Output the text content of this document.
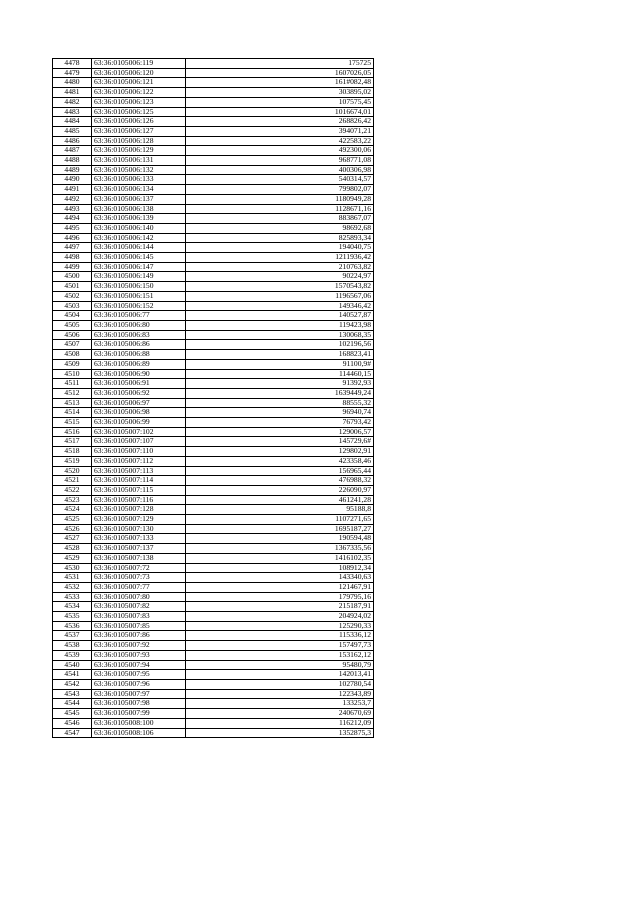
4478	63:36:0105006:119	175725
4479	63:36:0105006:120	1607026,05
4480	63:36:0105006:121	161#082,48
4481	63:36:0105006:122	303895,02
4482	63:36:0105006:123	107575,45
4483	63:36:0105006:125	1016674,01
4484	63:36:0105006:126	268826,42
4485	63:36:0105006:127	394071,21
4486	63:36:0105006:128	422583,22
4487	63:36:0105006:129	492300,06
4488	63:36:0105006:131	968771,08
4489	63:36:0105006:132	400306,98
4490	63:36:0105006:133	540314,57
4491	63:36:0105006:134	799802,07
4492	63:36:0105006:137	1180949,28
4493	63:36:0105006:138	1128671,16
4494	63:36:0105006:139	883867,07
4495	63:36:0105006:140	98692,68
4496	63:36:0105006:142	825893,34
4497	63:36:0105006:144	194040,75
4498	63:36:0105006:145	1211936,42
4499	63:36:0105006:147	210763,82
4500	63:36:0105006:149	90224,97
4501	63:36:0105006:150	1570543,82
4502	63:36:0105006:151	1196567,06
4503	63:36:0105006:152	149346,42
4504	63:36:0105006:77	140527,87
4505	63:36:0105006:80	119423,98
4506	63:36:0105006:83	130068,35
4507	63:36:0105006:86	102196,56
4508	63:36:0105006:88	168823,41
4509	63:36:0105006:89	91100,9#
4510	63:36:0105006:90	114460,15
4511	63:36:0105006:91	91392,93
4512	63:36:0105006:92	1639449,24
4513	63:36:0105006:97	88555,32
4514	63:36:0105006:98	96940,74
4515	63:36:0105006:99	76793,42
4516	63:36:0105007:102	129006,57
4517	63:36:0105007:107	145729,6#
4518	63:36:0105007:110	129802,91
4519	63:36:0105007:112	423358,46
4520	63:36:0105007:113	156965,44
4521	63:36:0105007:114	476988,32
4522	63:36:0105007:115	226090,97
4523	63:36:0105007:116	461241,28
4524	63:36:0105007:128	95188,8
4525	63:36:0105007:129	1107271,65
4526	63:36:0105007:130	1695187,27
4527	63:36:0105007:133	190594,48
4528	63:36:0105007:137	1367335,56
4529	63:36:0105007:138	1416102,35
4530	63:36:0105007:72	108912,34
4531	63:36:0105007:73	143340,63
4532	63:36:0105007:77	121467,91
4533	63:36:0105007:80	179795,16
4534	63:36:0105007:82	215187,91
4535	63:36:0105007:83	204924,02
4536	63:36:0105007:85	125290,33
4537	63:36:0105007:86	115336,12
4538	63:36:0105007:92	157497,73
4539	63:36:0105007:93	153162,12
4540	63:36:0105007:94	95480,79
4541	63:36:0105007:95	142013,41
4542	63:36:0105007:96	102780,54
4543	63:36:0105007:97	122343,89
4544	63:36:0105007:98	133253,7
4545	63:36:0105007:99	240670,69
4546	63:36:0105008:100	116212,09
4547	63:36:0105008:106	1352875,3
